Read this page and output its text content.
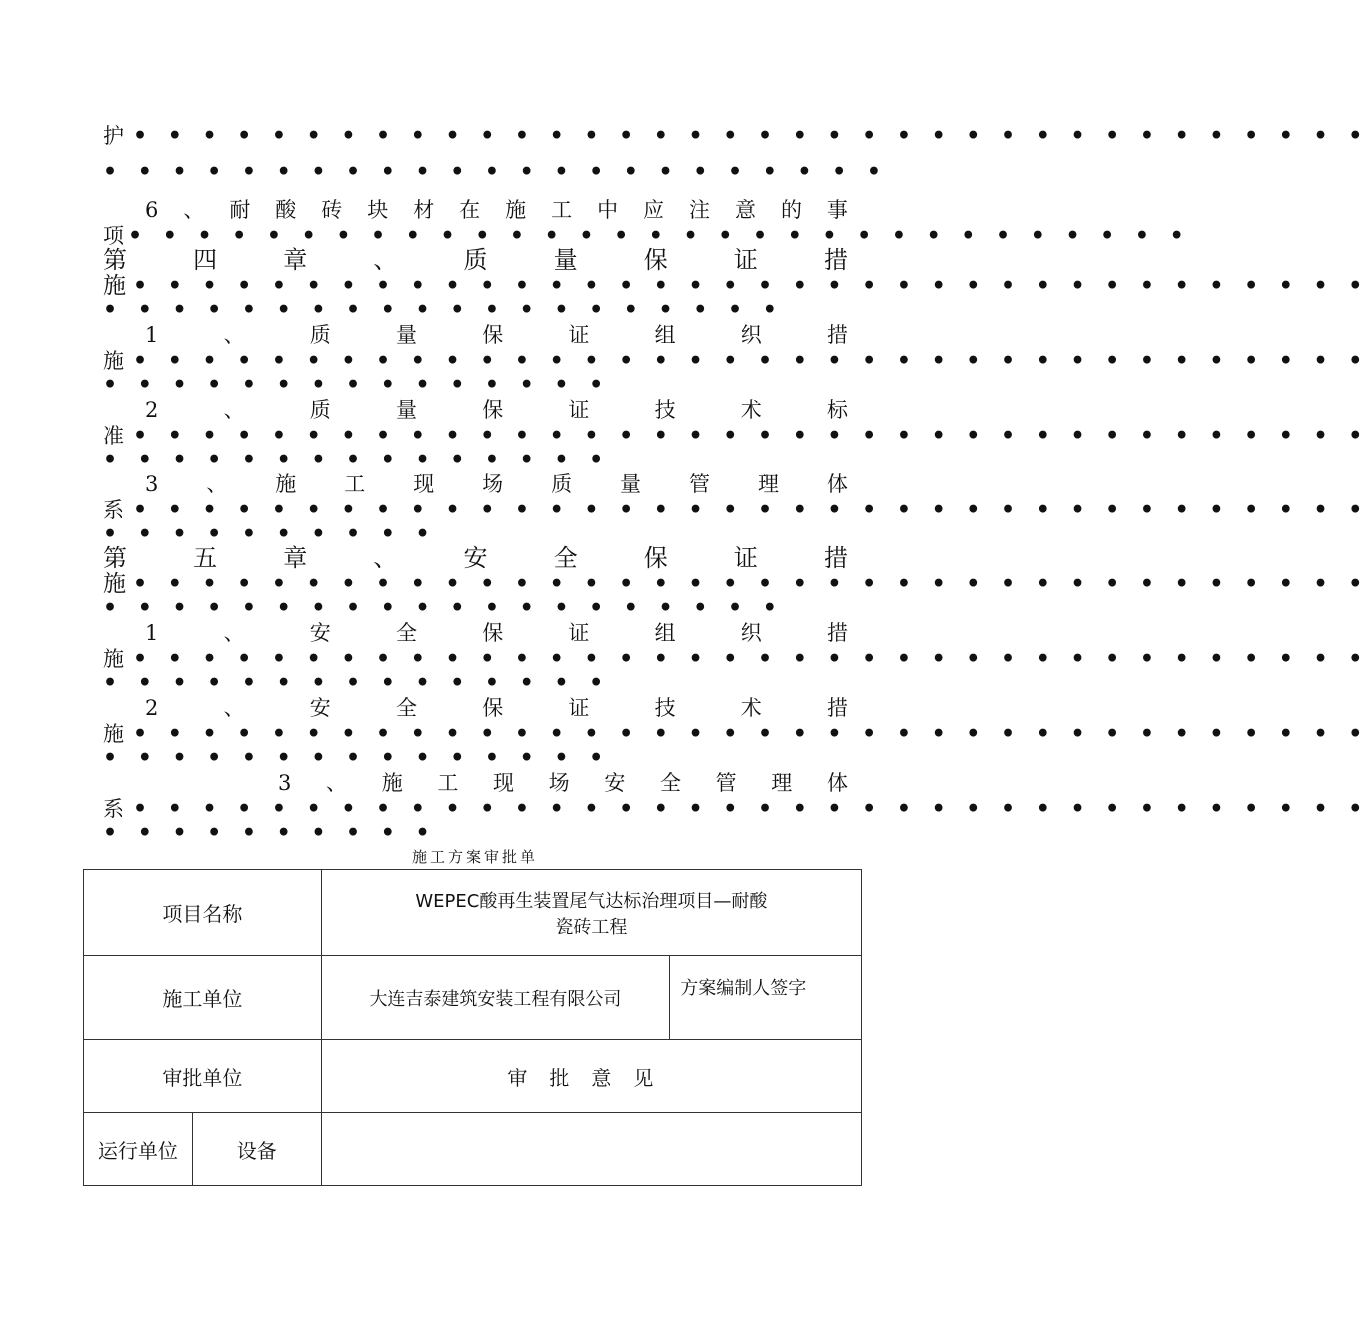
护 • • • • • • • • • • • • • • • • • • • • • • • • • • • • • • • • • • • •
• • • • • • • • • • • • • • • • • • • • • • •
6 、 耐 酸 砖 块 材 在 施 工 中 应 注 意 的 事
项 • • • • • • • • • • • • • • • • • • • • • • • • • • • • • • •
第	四	章	、	质	量	保	证	措
施 • • • • • • • • • • • • • • • • • • • • • • • • • • • • • • • • • • • •
• • • • • • • • • • • • • • • • • • • •
1	、	质	量	保	证	组	织	措
施 • • • • • • • • • • • • • • • • • • • • • • • • • • • • • • • • • • • •
• • • • • • • • • • • • • • •
2	、	质	量	保	证	技	术	标
准 • • • • • • • • • • • • • • • • • • • • • • • • • • • • • • • • • • • •
• • • • • • • • • • • • • • •
3 、 施 工 现 场 质 量 管 理 体
系 • • • • • • • • • • • • • • • • • • • • • • • • • • • • • • • • • • • •
• • • • • • • • • •
第	五	章	、	安	全	保	证	措
施 • • • • • • • • • • • • • • • • • • • • • • • • • • • • • • • • • • • •
• • • • • • • • • • • • • • • • • • • •
1	、	安	全	保	证	组	织	措
施 • • • • • • • • • • • • • • • • • • • • • • • • • • • • • • • • • • • •
• • • • • • • • • • • • • • •
2	、	安	全	保	证	技	术	措
施 • • • • • • • • • • • • • • • • • • • • • • • • • • • • • • • • • • • •
• • • • • • • • • • • • • • •
3 、 施 工 现 场 安 全 管 理 体
系 • • • • • • • • • • • • • • • • • • • • • • • • • • • • • • • • • • • •
• • • • • • • • • •
施工方案审批单
项目名称		WEPEC酸再生装置尾气达标治理项目—耐酸
瓷砖工程	

施工单位		大连吉泰建筑安装工程有限公司	方案编制人签字
审批单位		审批意见	
运行单位	设备		
